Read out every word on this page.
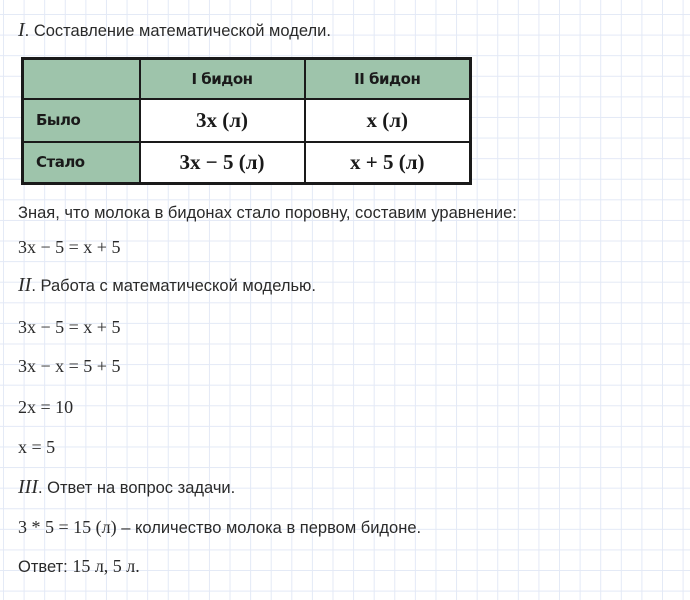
I. Составление математической модели.
	I бидон	II бидон
Было	3x (л)	x (л)
Стало	3x − 5 (л)	x + 5 (л)
Зная, что молока в бидонах стало поровну, составим уравнение:
3x − 5 = x + 5
II. Работа с математической моделью.
3x − 5 = x + 5
3x − x = 5 + 5
2x = 10
x = 5
III. Ответ на вопрос задачи.
3 * 5 = 15 (л) – количество молока в первом бидоне.
Ответ: 15 л, 5 л.
